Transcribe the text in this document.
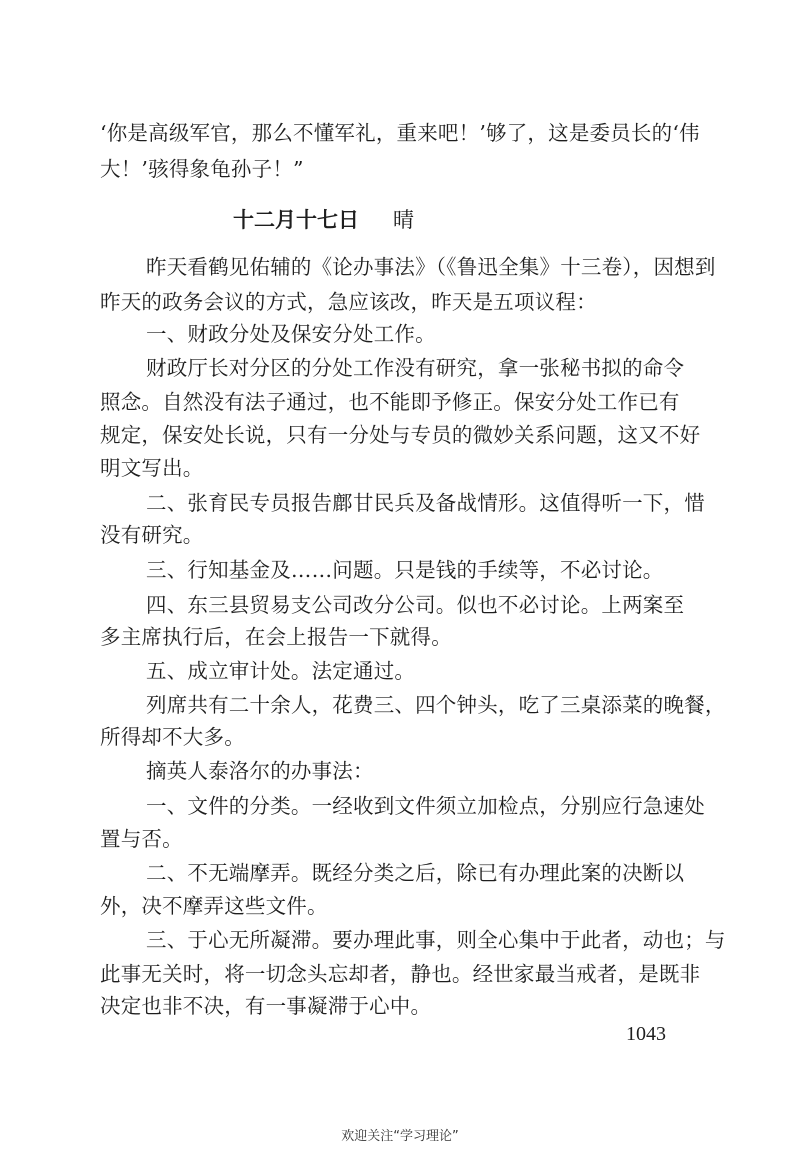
‘你是高级军官，那么不懂军礼，重来吧！’够了，这是委员长的‘伟
大！’骇得象龟孙子！”
十二月十七日 晴
昨天看鹤见佑辅的《论办事法》（《鲁迅全集》十三卷），因想到
昨天的政务会议的方式，急应该改，昨天是五项议程：
一、财政分处及保安分处工作。
财政厅长对分区的分处工作没有研究，拿一张秘书拟的命令
照念。自然没有法子通过，也不能即予修正。保安分处工作已有
规定，保安处长说，只有一分处与专员的微妙关系问题，这又不好
明文写出。
二、张育民专员报告鄜甘民兵及备战情形。这值得听一下，惜
没有研究。
三、行知基金及……问题。只是钱的手续等，不必讨论。
四、东三县贸易支公司改分公司。似也不必讨论。上两案至
多主席执行后，在会上报告一下就得。
五、成立审计处。法定通过。
列席共有二十余人，花费三、四个钟头，吃了三桌添菜的晚餐，
所得却不大多。
摘英人泰洛尔的办事法：
一、文件的分类。一经收到文件须立加检点，分别应行急速处
置与否。
二、不无端摩弄。既经分类之后，除已有办理此案的决断以
外，决不摩弄这些文件。
三、于心无所凝滞。要办理此事，则全心集中于此者，动也；与
此事无关时，将一切念头忘却者，静也。经世家最当戒者，是既非
决定也非不决，有一事凝滞于心中。
1043
欢迎关注“学习理论”
